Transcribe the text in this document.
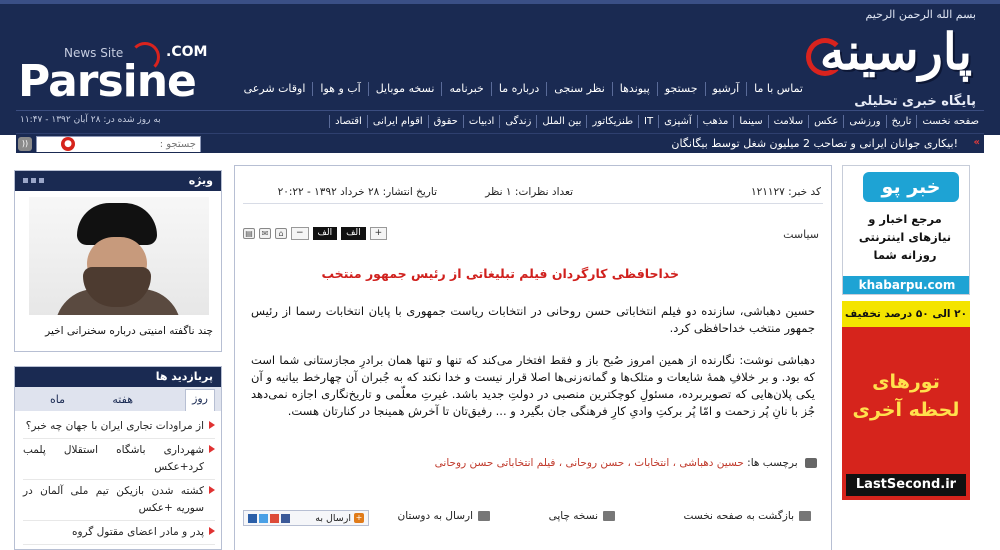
بسم الله الرحمن الرحیم
پارسینه
پایگاه خبری تحلیلی
News Site	.COM
Parsine	تماس با ما
آرشیو
جستجو
پیوندها
نظر سنجی
درباره ما
خبرنامه
نسخه موبایل
آب و هوا
اوقات شرعی
صفحه نخست
تاریخ
ورزشی
عکس
سلامت
سینما
مذهب
آشپزی
IT
طنزیکاتور
بین الملل
زندگی
ادبیات
حقوق
اقوام ایرانی
اقتصاد
به روز شده در: ۲۸ آبان ۱۳۹۲ - ۱۱:۴۷
«
بیکاری جوانان ایرانی و تصاحب 2 میلیون شغل توسط بیگانگان!
جستجو :
●
))
ویژه
چند ناگفته امنیتی درباره سخنرانی اخیر
پربازدید ها
روز
هفته
ماه
از مراودات تجاری ایران با جهان چه خبر؟
شهرداری باشگاه استقلال پلمب کرد+عکس
کشته شدن بازیکن تیم ملی آلمان در سوریه +عکس
پدر و مادر اعضای مقتول گروه
کد خبر: ۱۲۱۱۲۷
تعداد نظرات: ۱ نظر
تاریخ انتشار: ۲۸ خرداد ۱۳۹۲ - ۲۰:۲۲
▤	✉	⌂	−	الف	الف	+	سیاست
خداحافظی کارگردان فیلم تبلیغاتی از رئیس جمهور منتخب

حسین دهباشی، سازنده دو فیلم انتخاباتی حسن روحانی در انتخابات ریاست جمهوری با پایان انتخابات رسما از رئیس جمهور منتخب خداحافظی کرد.

دهباشی نوشت: نگارنده از همین امروز صُبح باز و فقط افتخار می‌کند که تنها و تنها همان برادرِ مجازستانی شما است که بود. و بر خلافِ همهٔ شایعات و متلک‌ها و گمانه‌زنی‌ها اصلا قرار نیست و خدا نکند که به جُبران آن چهارخط بیانیه و آن یکی پلان‌هایی که تصویربرده، مسئولِ کوچکترین منصبی در دولتِ جدید باشد. غیرتِ معلّمی و تاریخ‌نگاری اجازه نمی‌دهد جُز با نانِ پُر زحمت و امّا پُر برکتِ وادیِ کارِ فرهنگی جان بگیرد و ... رفیق‌تان تا آخرش همینجا در کنارتان هست.

برچسب ها: حسین دهباشی ، انتخابات ، حسن روحانی ، فیلم انتخاباتی حسن روحانی
بازگشت به صفحه نخست
نسخه چاپی
ارسال به دوستان
+
ارسال به
خبر پو
مرجع اخبار و
نیازهای اینترنتی
روزانه شما
khabarpu.com
۲۰ الی ۵۰ درصد تخفیف
تورهای
لحظه آخری
LastSecond.ir
